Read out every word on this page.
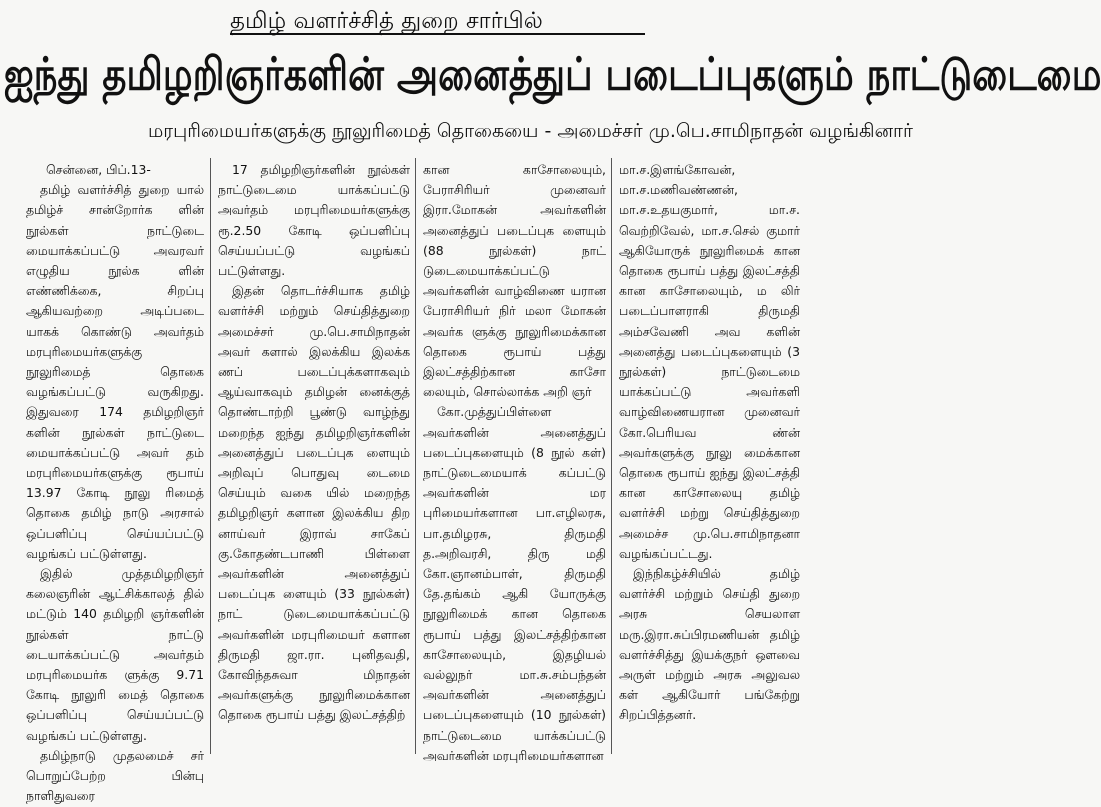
தமிழ் வளர்ச்சித் துறை சார்பில்
ஐந்து தமிழறிஞர்களின் அனைத்துப் படைப்புகளும் நாட்டுடைமை
மரபுரிமையர்களுக்கு நூலுரிமைத் தொகையை - அமைச்சர் மு.பெ.சாமிநாதன் வழங்கினார்

சென்னை, பிப்.13-

தமிழ் வளர்ச்சித் துறை யால் தமிழ்ச் சான்றோர்க ளின் நூல்கள் நாட்டுடை மையாக்கப்பட்டு அவரவர் எழுதிய நூல்க ளின் எண்ணிக்கை, சிறப்பு ஆகியவற்றை அடிப்படை யாகக் கொண்டு அவர்தம் மரபுரிமையர்களுக்கு நூலுரிமைத் தொகை வழங்கப்பட்டு வருகிறது. இதுவரை 174 தமிழறிஞர் களின் நூல்கள் நாட்டுடை மையாக்கப்பட்டு அவர் தம் மரபுரிமையர்களுக்கு ரூபாய் 13.97 கோடி நூலு ரிமைத் தொகை தமிழ் நாடு அரசால் ஒப்பளிப்பு செய்யப்பட்டு வழங்கப் பட்டுள்ளது.

இதில் முத்தமிழறிஞர் கலைஞரின் ஆட்சிக்காலத் தில் மட்டும் 140 தமிழறி ஞர்களின் நூல்கள் நாட்டு டையாக்கப்பட்டு அவர்தம் மரபுரிமையர்க ளுக்கு 9.71 கோடி நூலுரி மைத் தொகை ஒப்பளிப்பு செய்யப்பட்டு வழங்கப் பட்டுள்ளது.

தமிழ்நாடு முதலமைச் சர் பொறுப்பேற்ற பின்பு நாளிதுவரை

17 தமிழறிஞர்களின் நூல்கள் நாட்டுடைமை யாக்கப்பட்டு அவர்தம் மரபுரிமையர்களுக்கு ரூ.2.50 கோடி ஒப்பளிப்பு செய்யப்பட்டு வழங்கப் பட்டுள்ளது.

இதன் தொடர்ச்சியாக தமிழ் வளர்ச்சி மற்றும் செய்தித்துறை அமைச்சர் மு.பெ.சாமிநாதன் அவர் களால் இலக்கிய இலக்க ணப் படைப்புக்களாகவும் ஆய்வாகவும் தமிழன் னைக்குத் தொண்டாற்றி பூண்டு வாழ்ந்து மறைந்த ஐந்து தமிழறிஞர்களின் அனைத்துப் படைப்புக ளையும் அறிவுப் பொதுவு டைமை செய்யும் வகை யில் மறைந்த தமிழறிஞர் களான இலக்கிய திற னாய்வர் இராவ் சாகேப் கு.கோதண்டபாணி பிள்ளை அவர்களின் அனைத்துப் படைப்புக ளையும் (33 நூல்கள்) நாட் டுடைமையாக்கப்பட்டு அவர்களின் மரபுரிமையர் களான திருமதி ஜா.ரா. புனிதவதி, கோவிந்தசுவா மிநாதன் அவர்களுக்கு நூலுரிமைக்கான தொகை ரூபாய் பத்து இலட்சத்திற்

கான காசோலையும், பேராசிரியர் முனைவர் இரா.மோகன் அவர்களின் அனைத்துப் படைப்புக ளையும் (88 நூல்கள்) நாட் டுடைமையாக்கப்பட்டு அவர்களின் வாழ்விணை யரான பேராசிரியர் நிர் மலா மோகன் அவர்க ளுக்கு நூலுரிமைக்கான தொகை ரூபாய் பத்து இலட்சத்திற்கான காசோ லையும், சொல்லாக்க அறி ஞர்

கோ.முத்துப்பிள்ளை அவர்களின் அனைத்துப் படைப்புகளையும் (8 நூல் கள்) நாட்டுடைமையாக் கப்பட்டு அவர்களின் மர புரிமையர்களான பா.எழிலரசு, பா.தமிழரசு, திருமதி த.அறிவரசி, திரு மதி கோ.ஞானம்பாள், திருமதி தே.தங்கம் ஆகி யோருக்கு நூலுரிமைக் கான தொகை ரூபாய் பத்து இலட்சத்திற்கான காசோலையும், இதழியல் வல்லுநர் மா.சு.சம்பந்தன் அவர்களின் அனைத்துப் படைப்புகளையும் (10 நூல்கள்) நாட்டுடைமை யாக்கப்பட்டு அவர்களின் மரபுரிமையர்களான

மா.ச.இளங்கோவன், மா.ச.மணிவண்ணன், மா.ச.உதயகுமார், மா.ச. வெற்றிவேல், மா.ச.செல் குமார் ஆகியோருக் நூலுரிமைக் கான தொகை ரூபாய் பத்து இலட்சத்தி கான காசோலையும், ம லிர் படைப்பாளராகி திருமதி அம்சவேணி அவ களின் அனைத்து படைப்புகளையும் (3 நூல்கள்) நாட்டுடைமை யாக்கப்பட்டு அவர்களி வாழ்விணையரான முனைவர் கோ.பெரியவ ண்ன் அவர்களுக்கு நூலு மைக்கான தொகை ரூபாய் ஐந்து இலட்சத்தி கான காசோலையு தமிழ் வளர்ச்சி மற்று செய்தித்துறை அமைச்ச மு.பெ.சாமிநாதனா வழங்கப்பட்டது.

இந்நிகழ்ச்சியில் தமிழ் வளர்ச்சி மற்றும் செய்தி துறை அரசு செயலாள மரு.இரா.சுப்பிரமணியன் தமிழ் வளர்ச்சித்து இயக்குநர் ஔவை அருள் மற்றும் அரசு அலுவல கள் ஆகியோர் பங்கேற்று சிறப்பித்தனர்.
